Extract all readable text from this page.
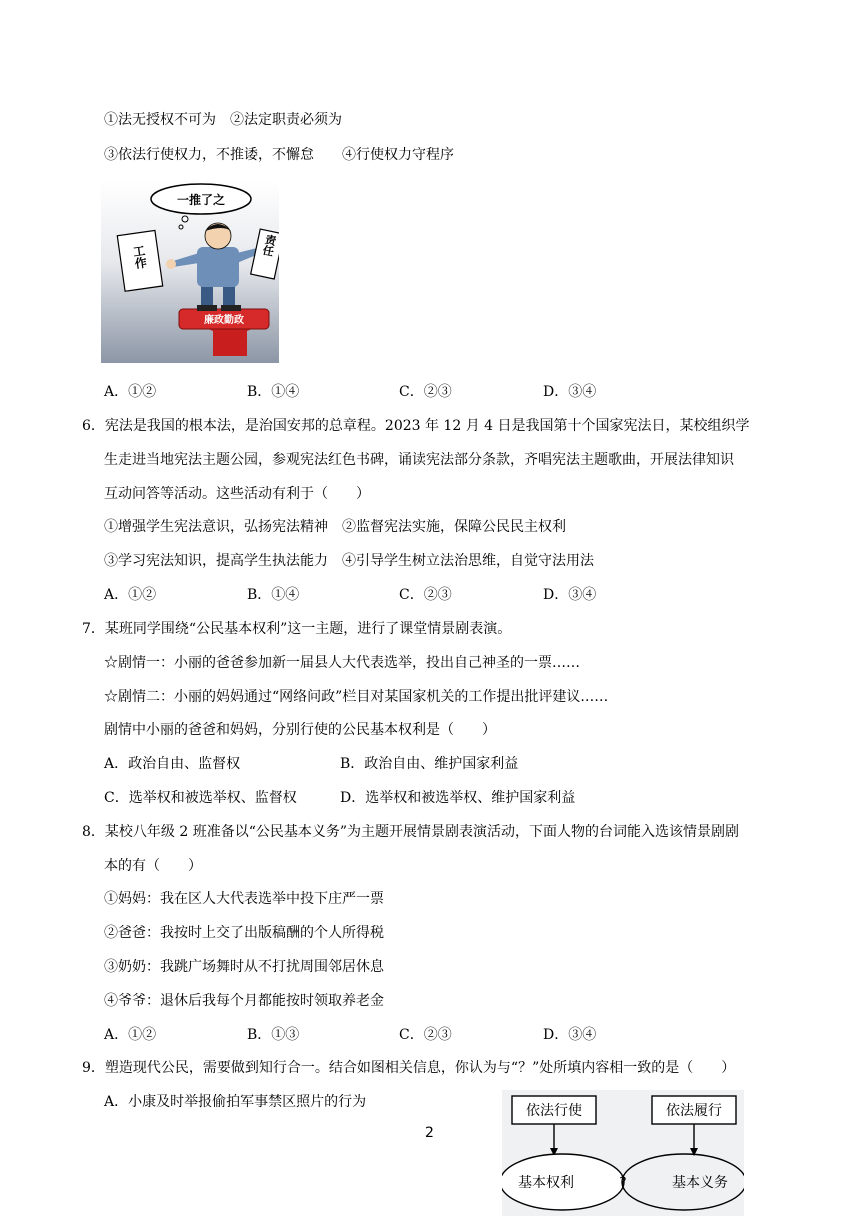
①法无授权不可为　②法定职责必须为
③依法行使权力，不推诿，不懈怠　　④行使权力守程序
一推了之
廉政勤政
工作	责任
A．①②	B．①④	C．②③	D．③④
6．宪法是我国的根本法，是治国安邦的总章程。2023 年 12 月 4 日是我国第十个国家宪法日，某校组织学
生走进当地宪法主题公园，参观宪法红色书碑，诵读宪法部分条款，齐唱宪法主题歌曲，开展法律知识
互动问答等活动。这些活动有利于（　　）
①增强学生宪法意识，弘扬宪法精神　②监督宪法实施，保障公民民主权利
③学习宪法知识，提高学生执法能力　④引导学生树立法治思维，自觉守法用法
A．①②	B．①④	C．②③	D．③④
7．某班同学围绕“公民基本权利”这一主题，进行了课堂情景剧表演。
☆剧情一：小丽的爸爸参加新一届县人大代表选举，投出自己神圣的一票……
☆剧情二：小丽的妈妈通过“网络问政”栏目对某国家机关的工作提出批评建议……
剧情中小丽的爸爸和妈妈，分别行使的公民基本权利是（　　）
A．政治自由、监督权	B．政治自由、维护国家利益
C．选举权和被选举权、监督权	D．选举权和被选举权、维护国家利益
8．某校八年级 2 班准备以“公民基本义务”为主题开展情景剧表演活动，下面人物的台词能入选该情景剧剧
本的有（　　）
①妈妈：我在区人大代表选举中投下庄严一票
②爸爸：我按时上交了出版稿酬的个人所得税
③奶奶：我跳广场舞时从不打扰周围邻居休息
④爷爷：退休后我每个月都能按时领取养老金
A．①②	B．①③	C．②③	D．③④
9．塑造现代公民，需要做到知行合一。结合如图相关信息，你认为与“？”处所填内容相一致的是（　　）
A．小康及时举报偷拍军事禁区照片的行为
依法行使	依法履行
基本权利	?	基本义务
2
